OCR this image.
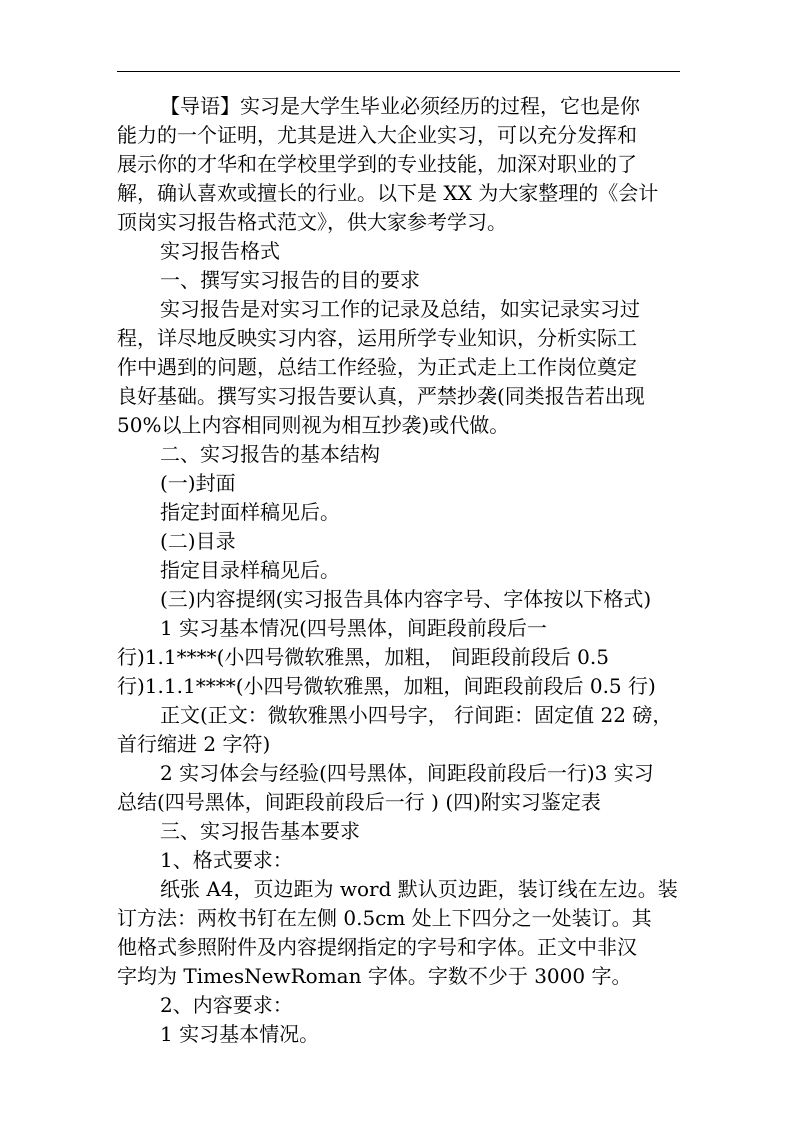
【导语】实习是大学生毕业必须经历的过程，它也是你
能力的一个证明，尤其是进入大企业实习，可以充分发挥和
展示你的才华和在学校里学到的专业技能，加深对职业的了
解，确认喜欢或擅长的行业。以下是 XX 为大家整理的《会计
顶岗实习报告格式范文》，供大家参考学习。
实习报告格式
一、撰写实习报告的目的要求
实习报告是对实习工作的记录及总结，如实记录实习过
程，详尽地反映实习内容，运用所学专业知识，分析实际工
作中遇到的问题，总结工作经验，为正式走上工作岗位奠定
良好基础。撰写实习报告要认真，严禁抄袭(同类报告若出现
50%以上内容相同则视为相互抄袭)或代做。
二、实习报告的基本结构
(一)封面
指定封面样稿见后。
(二)目录
指定目录样稿见后。
(三)内容提纲(实习报告具体内容字号、字体按以下格式)
1 实习基本情况(四号黑体，间距段前段后一
行)1.1****(小四号微软雅黑，加粗， 间距段前段后 0.5
行)1.1.1****(小四号微软雅黑，加粗，间距段前段后 0.5 行)
正文(正文：微软雅黑小四号字， 行间距：固定值 22 磅，
首行缩进 2 字符)
2 实习体会与经验(四号黑体，间距段前段后一行)3 实习
总结(四号黑体，间距段前段后一行 ) (四)附实习鉴定表
三、实习报告基本要求
1、格式要求：
纸张 A4，页边距为 word 默认页边距，装订线在左边。装
订方法：两枚书钉在左侧 0.5cm 处上下四分之一处装订。其
他格式参照附件及内容提纲指定的字号和字体。正文中非汉
字均为 TimesNewRoman 字体。字数不少于 3000 字。
2、内容要求：
1 实习基本情况。
